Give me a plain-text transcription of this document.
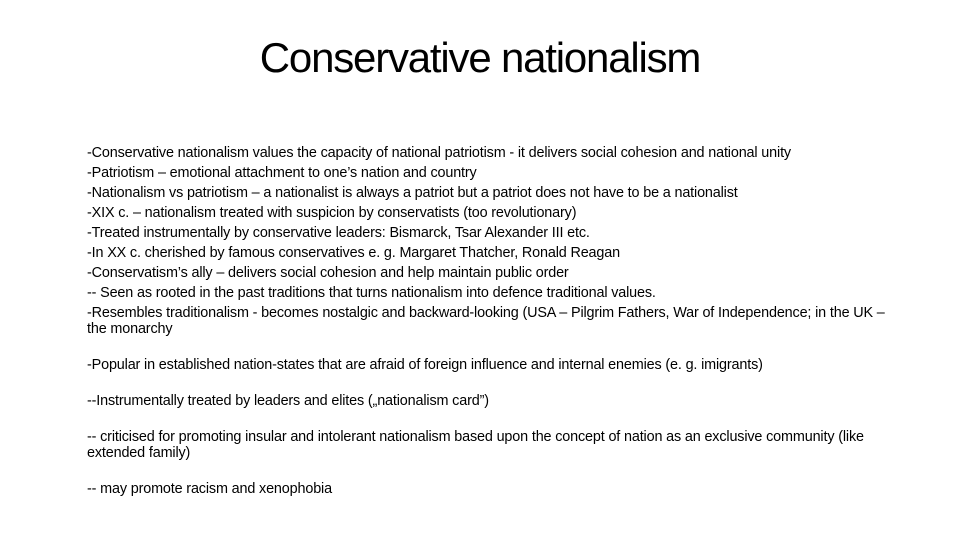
Conservative nationalism

-Conservative nationalism values the capacity of national patriotism - it delivers social cohesion and national unity

-Patriotism – emotional attachment to one’s nation and country

-Nationalism vs patriotism – a nationalist is always a patriot but a patriot does not have to be a nationalist

-XIX c. – nationalism treated with suspicion by conservatists (too revolutionary)

-Treated instrumentally by conservative leaders: Bismarck, Tsar Alexander III etc.

-In XX c. cherished by famous conservatives e. g. Margaret Thatcher, Ronald Reagan

-Conservatism’s ally – delivers social cohesion and help maintain public order

-- Seen as rooted in the past traditions that turns nationalism into defence traditional values.

-Resembles traditionalism - becomes nostalgic and backward-looking (USA – Pilgrim Fathers, War of Independence; in the UK – the monarchy

-Popular in established nation-states that are afraid of foreign influence and internal enemies (e. g. imigrants)

--Instrumentally treated by leaders and elites („nationalism card”)

-- criticised for promoting insular and intolerant nationalism based upon the concept of nation as an exclusive community (like extended family)

-- may promote racism and xenophobia
